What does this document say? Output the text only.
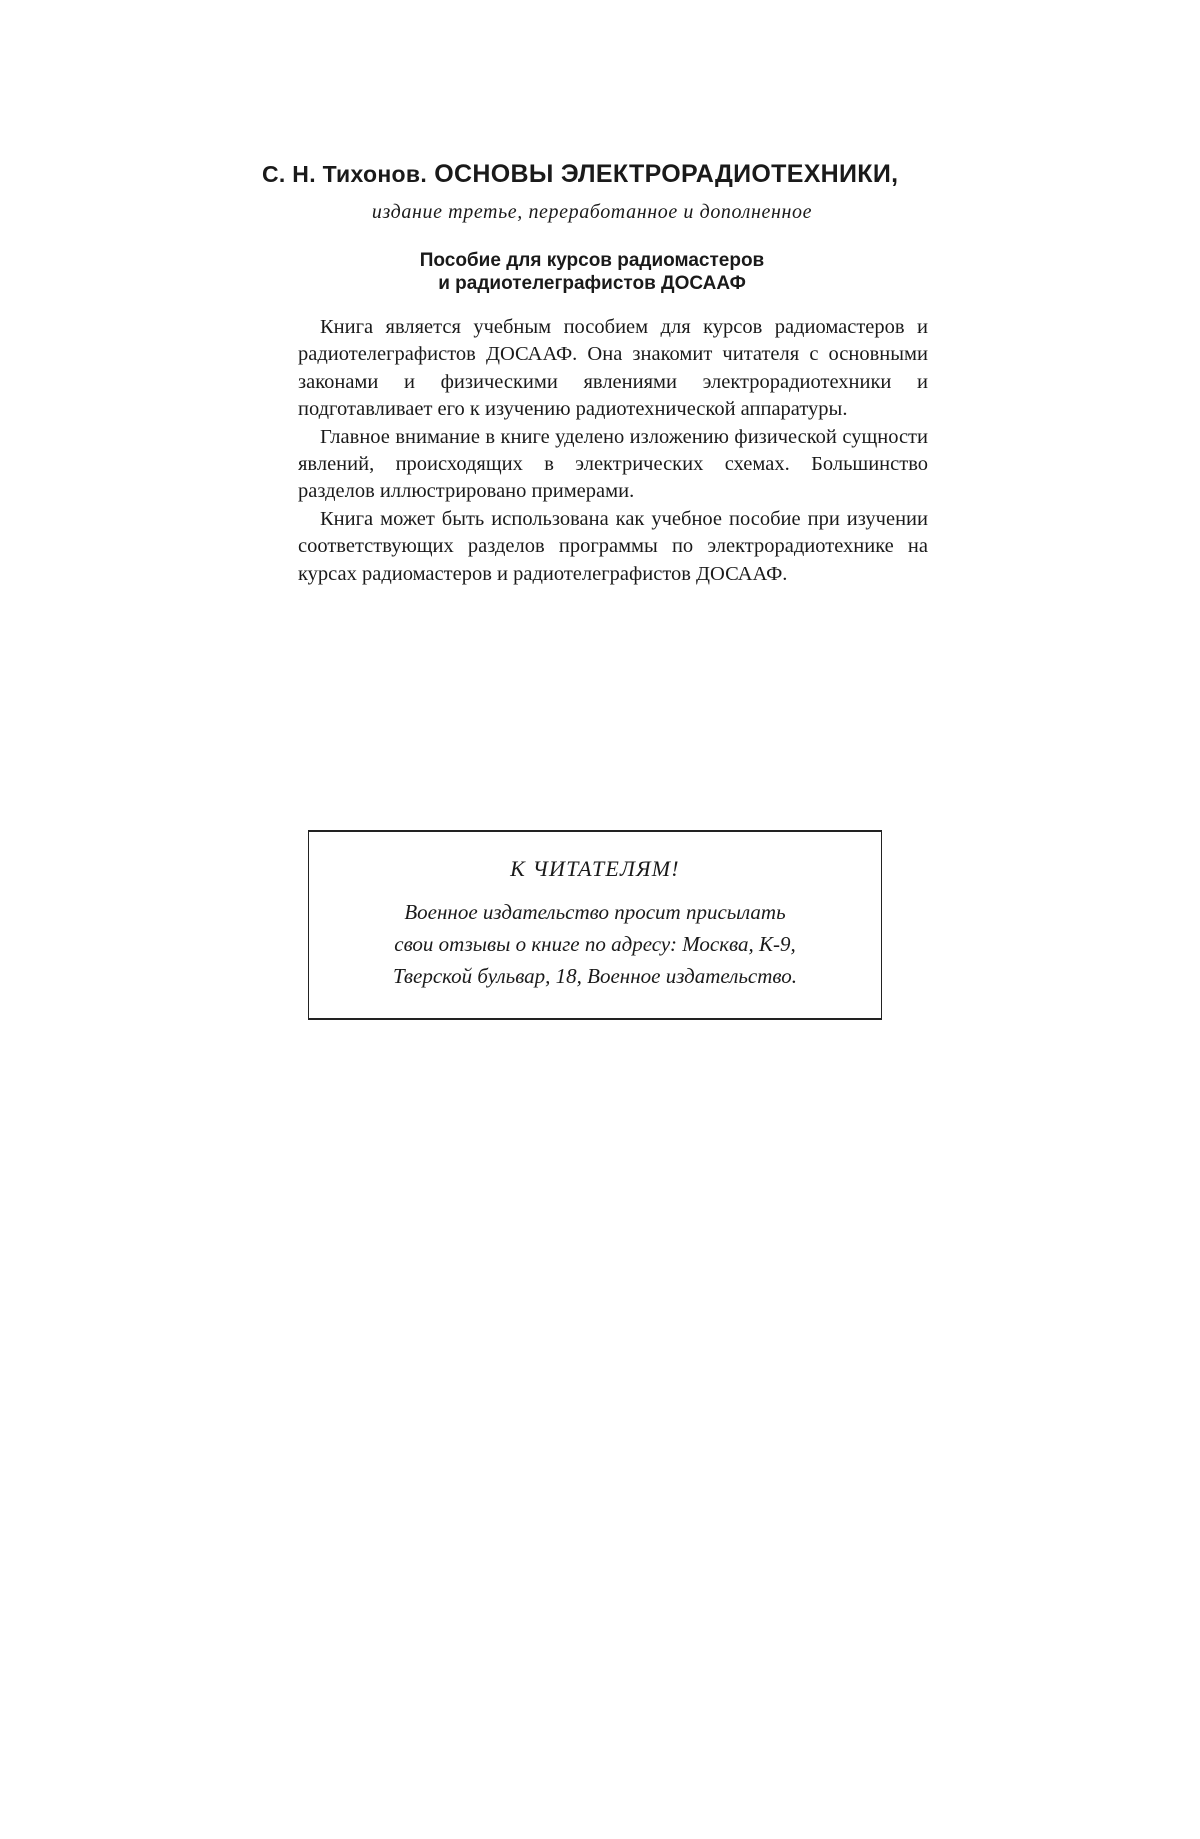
С. Н. Тихонов. ОСНОВЫ ЭЛЕКТРОРАДИОТЕХНИКИ,

издание третье, переработанное и дополненное

Пособие для курсов радиомастеров
и радиотелеграфистов ДОСААФ

Книга является учебным пособием для курсов радиомастеров и радиотелеграфистов ДОСААФ. Она знакомит читателя с основными законами и физическими явлениями электрорадиотехники и подготавливает его к изучению радиотехнической аппаратуры.

Главное внимание в книге уделено изложению физической сущности явлений, происходящих в электрических схемах. Большинство разделов иллюстрировано примерами.

Книга может быть использована как учебное пособие при изучении соответствующих разделов программы по электрорадиотехнике на курсах радиомастеров и радиотелеграфистов ДОСААФ.

К ЧИТАТЕЛЯМ!

Военное издательство просит присылать
свои отзывы о книге по адресу: Москва, К-9,
Тверской бульвар, 18, Военное издательство.
